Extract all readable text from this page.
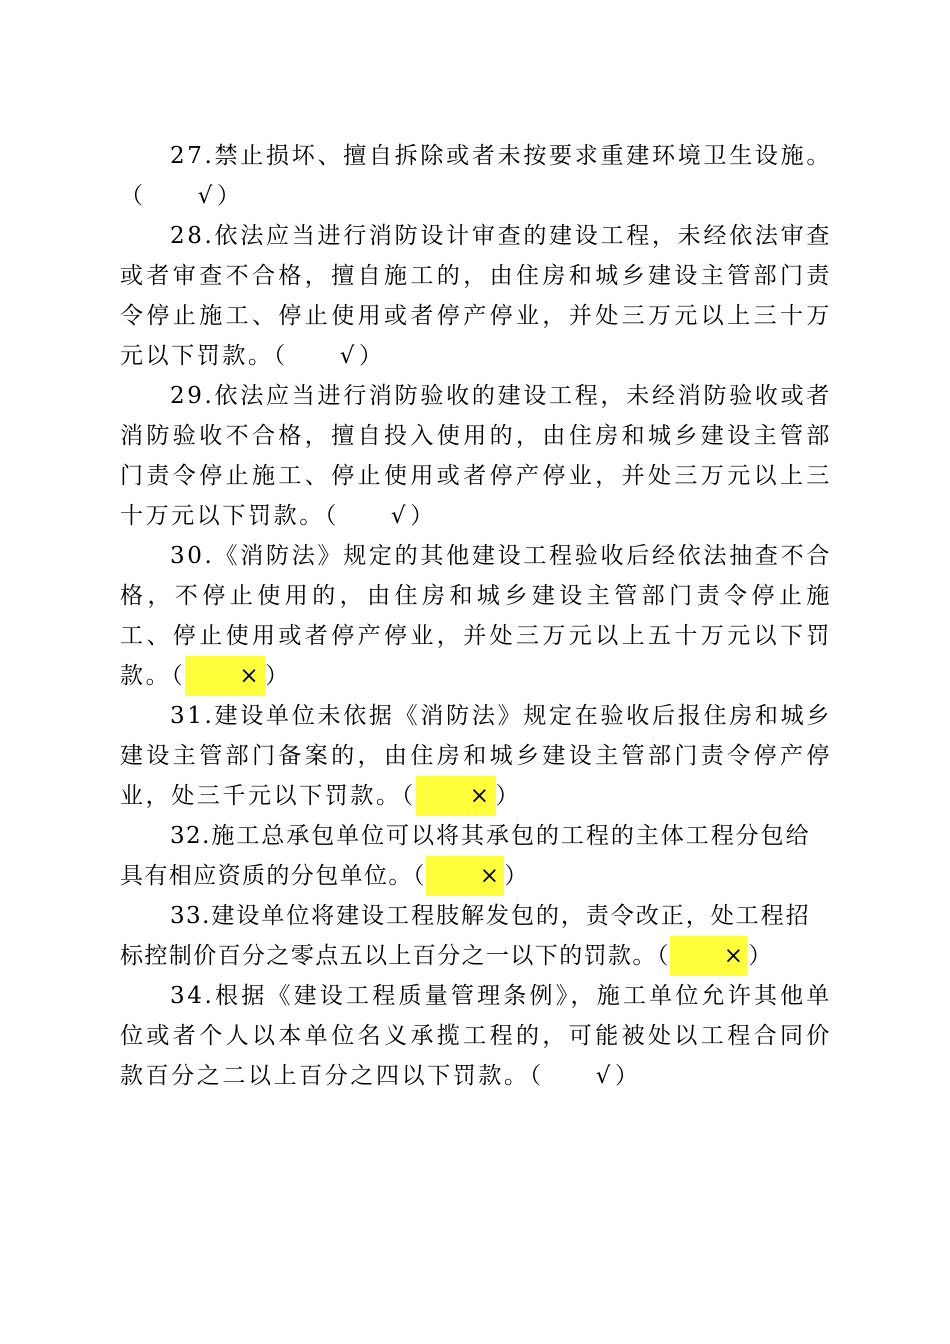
27.禁止损坏、擅自拆除或者未按要求重建环境卫生设施。（ √）

28.依法应当进行消防设计审查的建设工程，未经依法审查或者审查不合格，擅自施工的，由住房和城乡建设主管部门责令停止施工、停止使用或者停产停业，并处三万元以上三十万元以下罚款。（ √）

29.依法应当进行消防验收的建设工程，未经消防验收或者消防验收不合格，擅自投入使用的，由住房和城乡建设主管部门责令停止施工、停止使用或者停产停业，并处三万元以上三十万元以下罚款。（ √）

30.《消防法》规定的其他建设工程验收后经依法抽查不合格，不停止使用的，由住房和城乡建设主管部门责令停止施工、停止使用或者停产停业，并处三万元以上五十万元以下罚款。（ × ）

31.建设单位未依据《消防法》规定在验收后报住房和城乡建设主管部门备案的，由住房和城乡建设主管部门责令停产停业，处三千元以下罚款。（ × ）

32.施工总承包单位可以将其承包的工程的主体工程分包给具有相应资质的分包单位。（ × ）

33.建设单位将建设工程肢解发包的，责令改正，处工程招标控制价百分之零点五以上百分之一以下的罚款。（ × ）

34.根据《建设工程质量管理条例》，施工单位允许其他单位或者个人以本单位名义承揽工程的，可能被处以工程合同价款百分之二以上百分之四以下罚款。（ √）
